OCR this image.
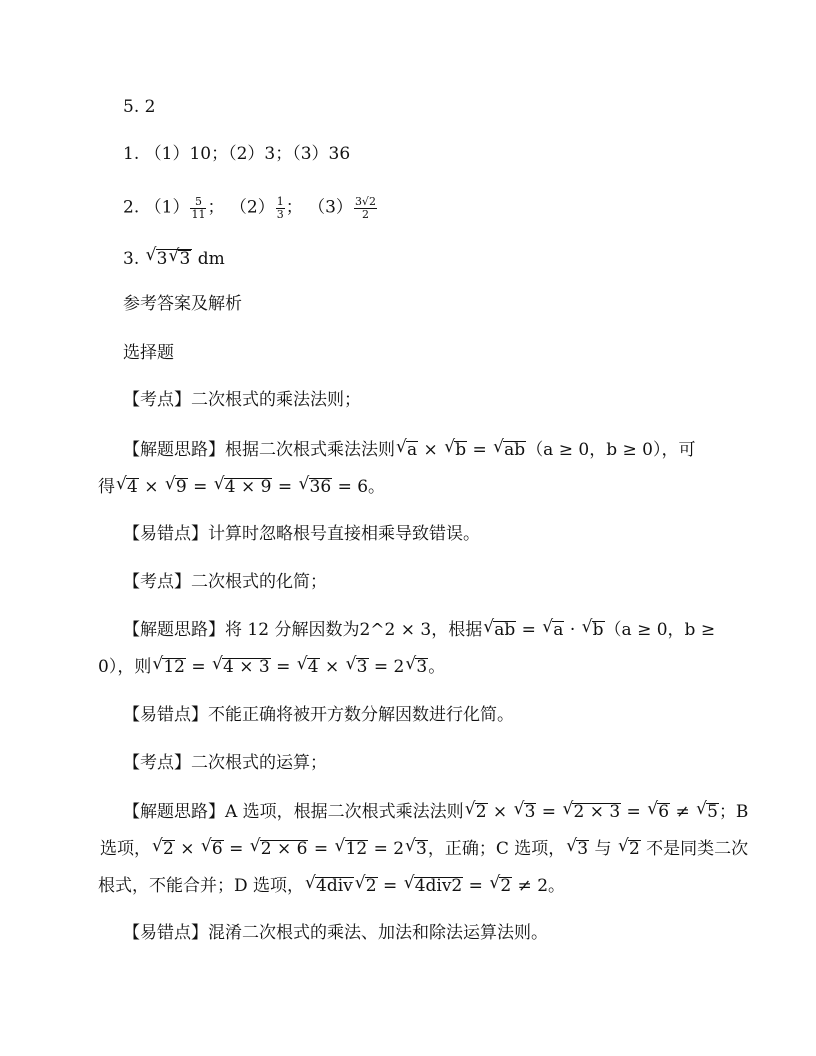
5. 2
1. （1）10；（2）3；（3）36
2. $(1) \frac{5}{11}$ ； $(2) \frac{1}{3}$ ； $(3) \frac{3√2}{2}$
3. √ 3 √ 3 dm
参考答案及解析
选择题
【考点】二次根式的乘法法则；
【解题思路】根据二次根式乘法法则 √ a × √ b = √ ab（a ≥ 0，b ≥ 0），可
得 √ 4 × √ 9 = √ 4 × 9 = √ 36 = 6。
【易错点】计算时忽略根号直接相乘导致错误。
【考点】二次根式的化简；
【解题思路】将 12 分解因数为2^2 × 3，根据 √ ab = √ a · √ b（a ≥ 0，b ≥
0），则 √ 12 = √ 4 × 3 = √ 4 × √ 3 = 2 √ 3。
【易错点】不能正确将被开方数分解因数进行化简。
【考点】二次根式的运算；
【解题思路】A 选项，根据二次根式乘法法则 √ 2 × √ 3 = √ 2 × 3 = √ 6 ≠ √ 5；B
选项， √ 2 × √ 6 = √ 2 × 6 = √ 12 = 2 √ 3，正确；C 选项， √ 3 与 √ 2 不是同类二次
根式，不能合并；D 选项， √ 4div √ 2 = √ 4div2 = √ 2 ≠ 2。
【易错点】混淆二次根式的乘法、加法和除法运算法则。
